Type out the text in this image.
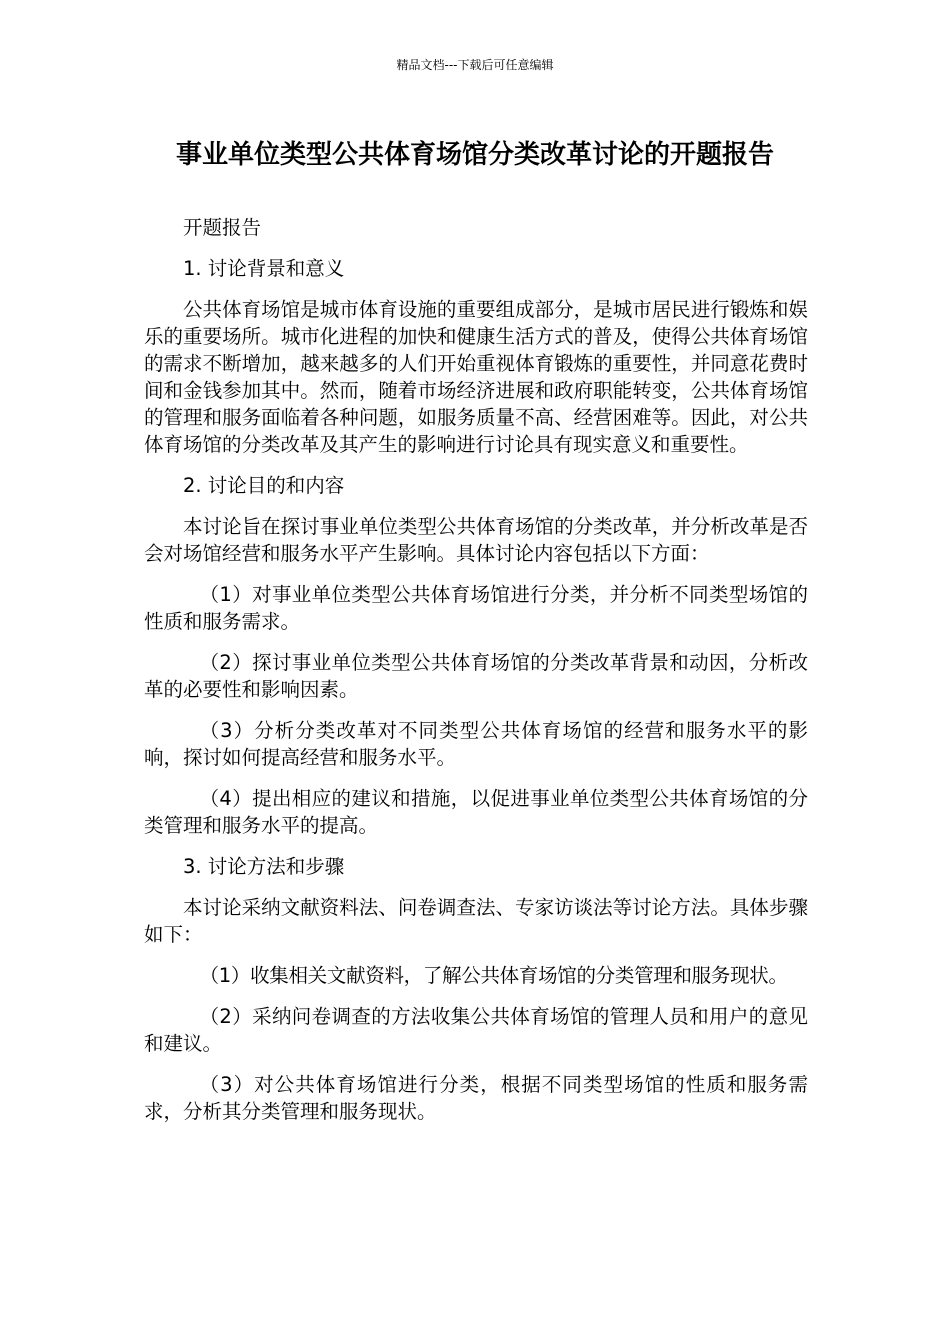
精品文档---下载后可任意编辑
事业单位类型公共体育场馆分类改革讨论的开题报告

开题报告

1. 讨论背景和意义

公共体育场馆是城市体育设施的重要组成部分，是城市居民进行锻炼和娱乐的重要场所。城市化进程的加快和健康生活方式的普及，使得公共体育场馆的需求不断增加，越来越多的人们开始重视体育锻炼的重要性，并同意花费时间和金钱参加其中。然而，随着市场经济进展和政府职能转变，公共体育场馆的管理和服务面临着各种问题，如服务质量不高、经营困难等。因此，对公共体育场馆的分类改革及其产生的影响进行讨论具有现实意义和重要性。

2. 讨论目的和内容

本讨论旨在探讨事业单位类型公共体育场馆的分类改革，并分析改革是否会对场馆经营和服务水平产生影响。具体讨论内容包括以下方面：

（1）对事业单位类型公共体育场馆进行分类，并分析不同类型场馆的性质和服务需求。

（2）探讨事业单位类型公共体育场馆的分类改革背景和动因，分析改革的必要性和影响因素。

（3）分析分类改革对不同类型公共体育场馆的经营和服务水平的影响，探讨如何提高经营和服务水平。

（4）提出相应的建议和措施，以促进事业单位类型公共体育场馆的分类管理和服务水平的提高。

3. 讨论方法和步骤

本讨论采纳文献资料法、问卷调查法、专家访谈法等讨论方法。具体步骤如下：

（1）收集相关文献资料，了解公共体育场馆的分类管理和服务现状。

（2）采纳问卷调查的方法收集公共体育场馆的管理人员和用户的意见和建议。

（3）对公共体育场馆进行分类，根据不同类型场馆的性质和服务需求，分析其分类管理和服务现状。
